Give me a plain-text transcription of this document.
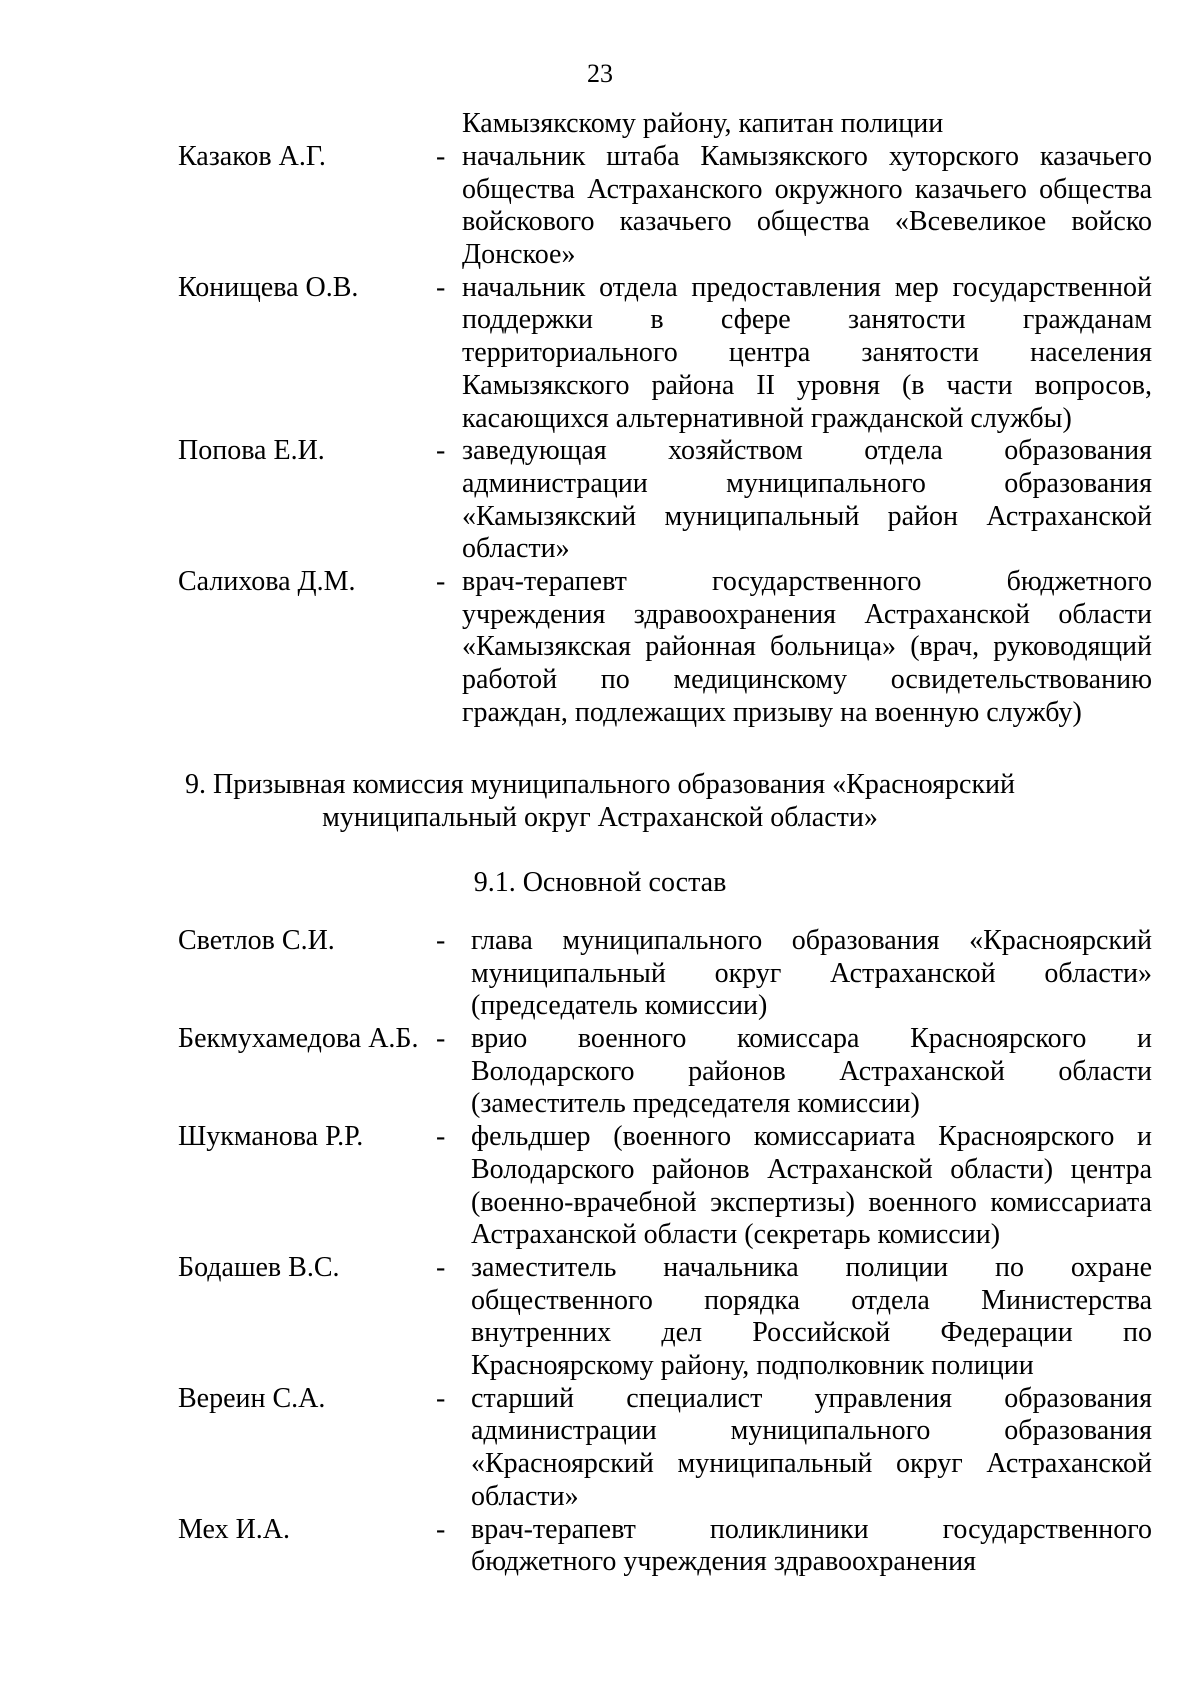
23
Камызякскому району, капитан полиции
Казаков А.Г.	- начальник штаба Камызякского хуторского казачьего
общества Астраханского окружного казачьего общества
войскового казачьего общества «Всевеликое войско
Донское»
Конищева О.В.	- начальник отдела предоставления мер государственной
поддержки в сфере занятости гражданам
территориального центра занятости населения
Камызякского района II уровня (в части вопросов,
касающихся альтернативной гражданской службы)
Попова Е.И.	- заведующая хозяйством отдела образования
администрации муниципального образования
«Камызякский муниципальный район Астраханской
области»
Салихова Д.М.	- врач-терапевт государственного бюджетного
учреждения здравоохранения Астраханской области
«Камызякская районная больница» (врач, руководящий
работой по медицинскому освидетельствованию
граждан, подлежащих призыву на военную службу)
9. Призывная комиссия муниципального образования «Красноярский
муниципальный округ Астраханской области»
9.1. Основной состав
Светлов С.И.	- глава муниципального образования «Красноярский
муниципальный округ Астраханской области»
(председатель комиссии)
Бекмухамедова А.Б. - врио военного комиссара Красноярского и
Володарского районов Астраханской области
(заместитель председателя комиссии)
Шукманова Р.Р.	- фельдшер (военного комиссариата Красноярского и
Володарского районов Астраханской области) центра
(военно-врачебной экспертизы) военного комиссариата
Астраханской области (секретарь комиссии)
Бодашев В.С.	- заместитель начальника полиции по охране
общественного порядка отдела Министерства
внутренних дел Российской Федерации по
Красноярскому району, подполковник полиции
Вереин С.А.	- старший специалист управления образования
администрации муниципального образования
«Красноярский муниципальный округ Астраханской
области»
Мех И.А.	- врач-терапевт поликлиники государственного
бюджетного учреждения здравоохранения
